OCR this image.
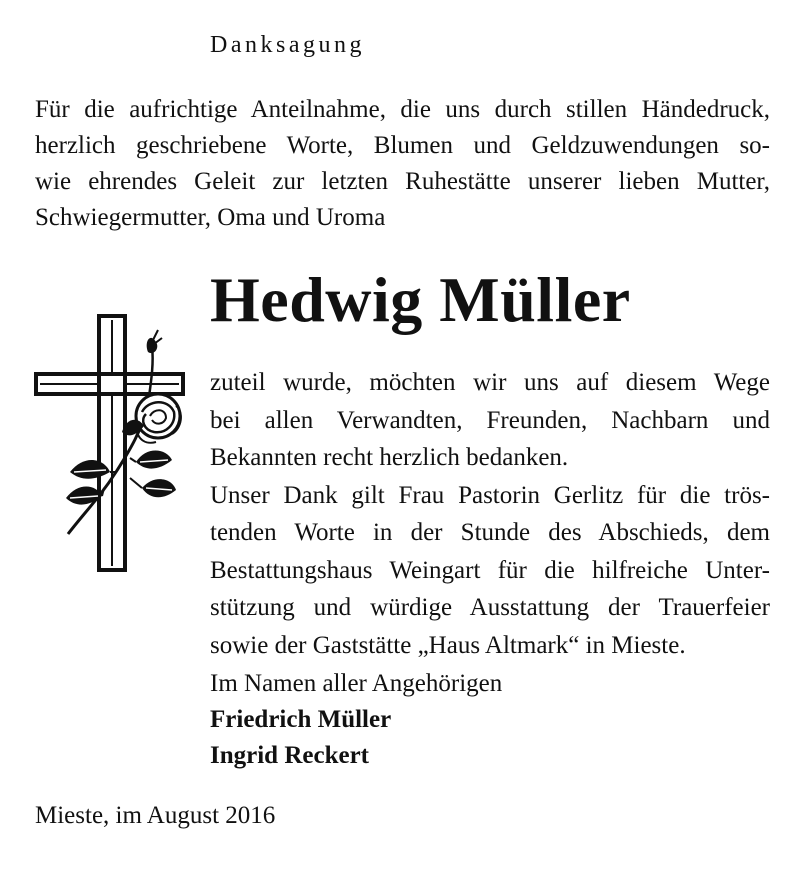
Danksagung
Für die aufrichtige Anteilnahme, die uns durch stillen Händedruck,
herzlich geschriebene Worte, Blumen und Geldzuwendungen so-
wie ehrendes Geleit zur letzten Ruhestätte unserer lieben Mutter,
Schwiegermutter, Oma und Uroma
Hedwig Müller
zuteil wurde, möchten wir uns auf diesem Wege
bei allen Verwandten, Freunden, Nachbarn und
Bekannten recht herzlich bedanken.
Unser Dank gilt Frau Pastorin Gerlitz für die trös-
tenden Worte in der Stunde des Abschieds, dem
Bestattungshaus Weingart für die hilfreiche Unter-
stützung und würdige Ausstattung der Trauerfeier
sowie der Gaststätte „Haus Altmark“ in Mieste.
Im Namen aller Angehörigen
Friedrich Müller
Ingrid Reckert
Mieste, im August 2016
